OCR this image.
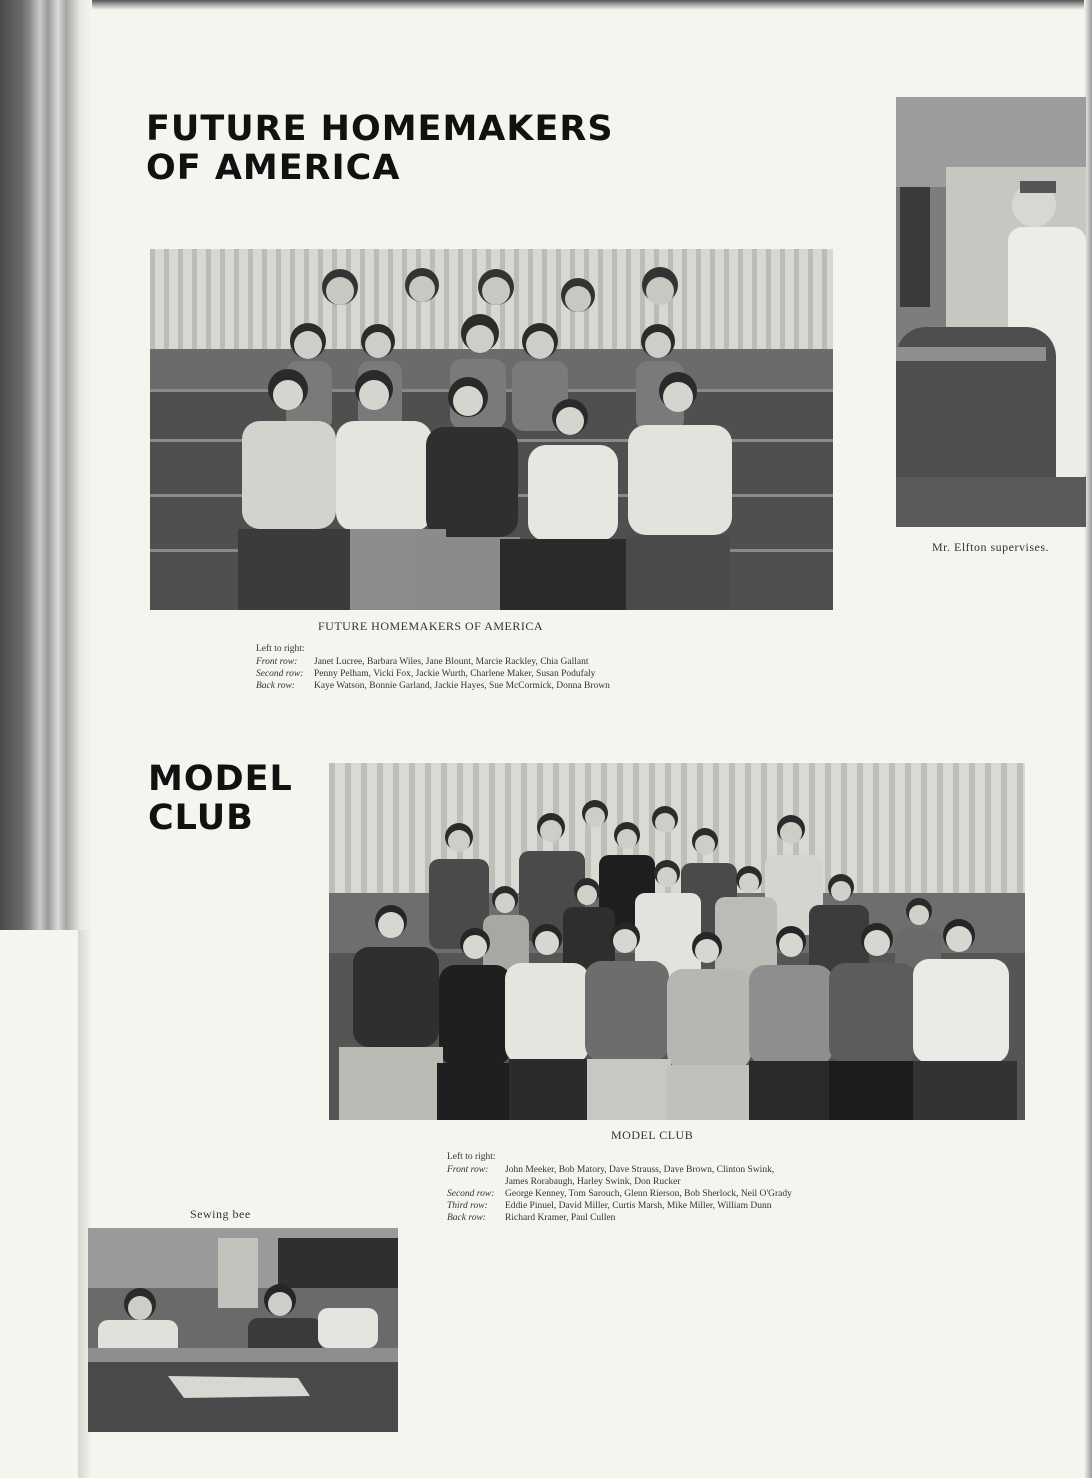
FUTURE HOMEMAKERS
OF AMERICA
FUTURE HOMEMAKERS OF AMERICA
Left to right:
Front row:	Janet Lucree, Barbara Wiles, Jane Blount, Marcie Rackley, Chia Gallant
Second row:	Penny Pelham, Vicki Fox, Jackie Wurth, Charlene Maker, Susan Podufaly
Back row:	Kaye Watson, Bonnie Garland, Jackie Hayes, Sue McCormick, Donna Brown
Mr. Elfton supervises.
MODEL
CLUB
MODEL CLUB
Left to right:
Front row:	John Meeker, Bob Matory, Dave Strauss, Dave Brown, Clinton Swink,
James Rorabaugh, Harley Swink, Don Rucker
Second row:	George Kenney, Tom Sarouch, Glenn Rierson, Bob Sherlock, Neil O'Grady
Third row:	Eddie Pinuel, David Miller, Curtis Marsh, Mike Miller, William Dunn
Back row:	Richard Kramer, Paul Cullen
Sewing bee
